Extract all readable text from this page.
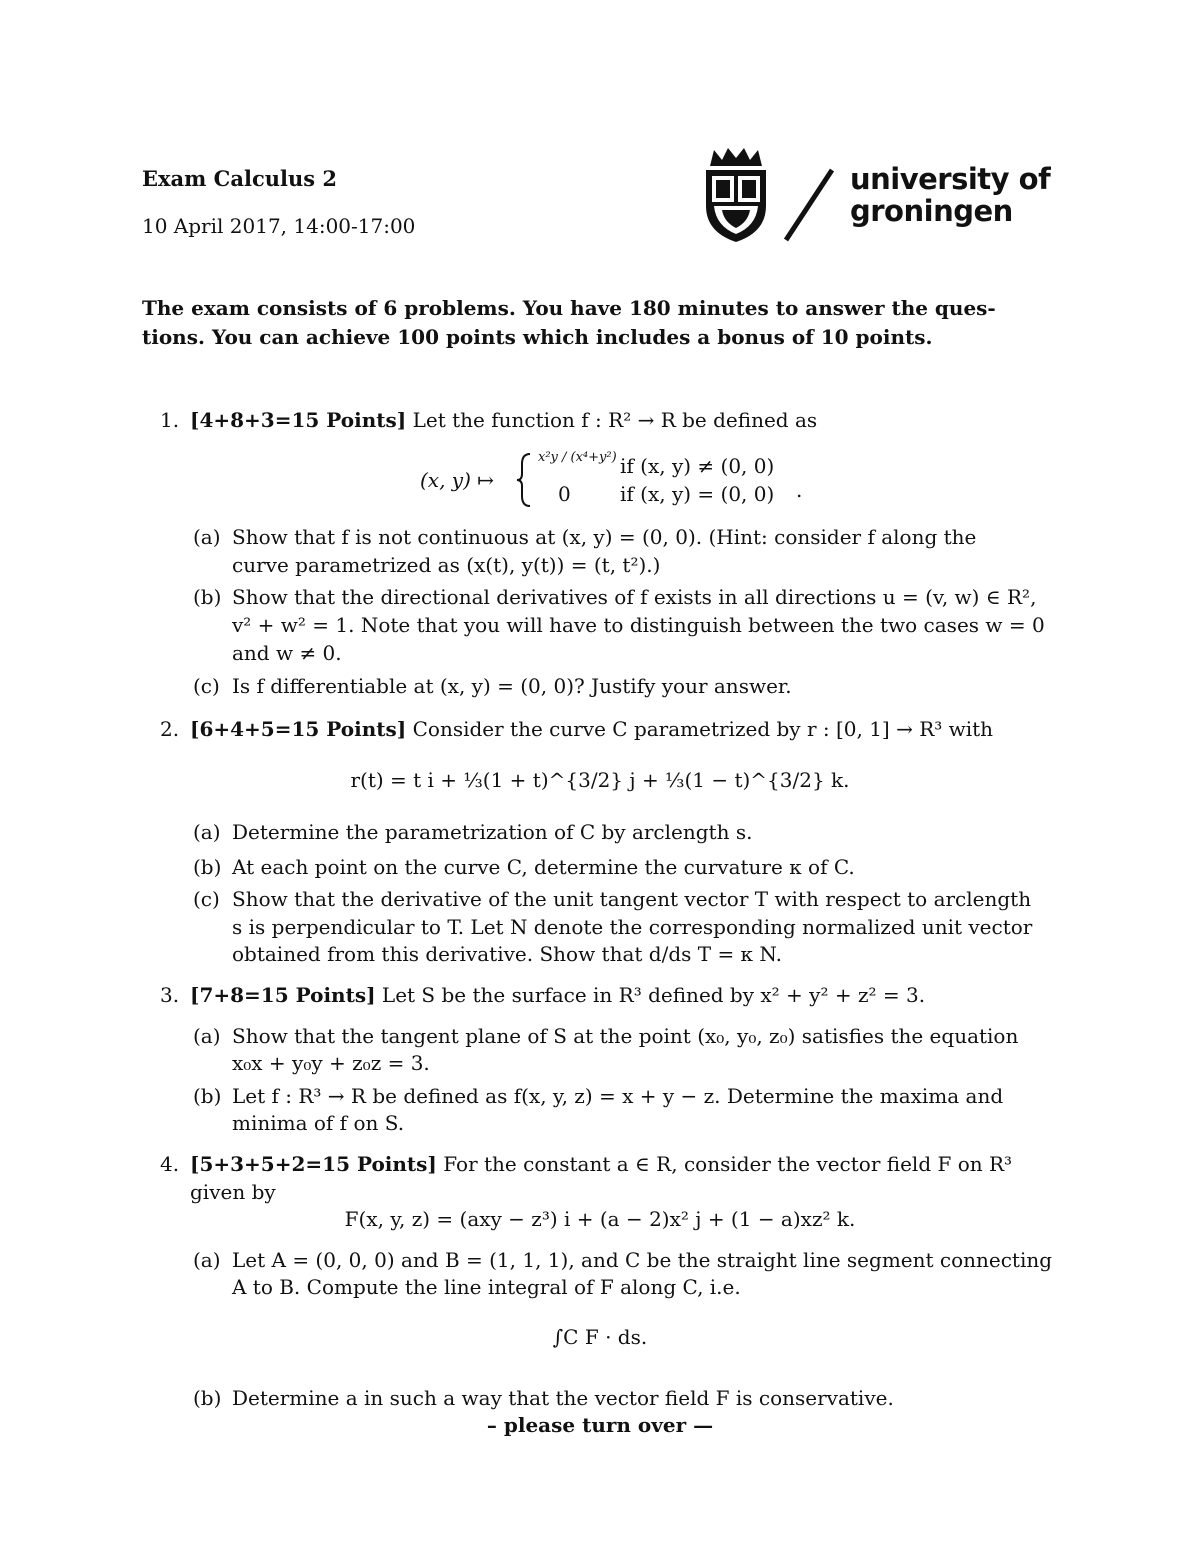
Exam Calculus 2
10 April 2017, 14:00-17:00
university of
groningen
The exam consists of 6 problems. You have 180 minutes to answer the ques- tions. You can achieve 100 points which includes a bonus of 10 points.
1. [4+8+3=15 Points] Let the function f : R² → R be defined as
(x, y) ↦
x²y / (x⁴+y²) if (x, y) ≠ (0, 0)
0 if (x, y) = (0, 0) .
(a) Show that f is not continuous at (x, y) = (0, 0). (Hint: consider f along the
curve parametrized as (x(t), y(t)) = (t, t²).)
(b) Show that the directional derivatives of f exists in all directions u = (v, w) ∈ R²,
v² + w² = 1. Note that you will have to distinguish between the two cases w = 0
and w ≠ 0.
(c) Is f differentiable at (x, y) = (0, 0)? Justify your answer.
2. [6+4+5=15 Points] Consider the curve C parametrized by r : [0, 1] → R³ with
r(t) = t i + ⅓(1 + t)^{3/2} j + ⅓(1 − t)^{3/2} k.
(a) Determine the parametrization of C by arclength s.
(b) At each point on the curve C, determine the curvature κ of C.
(c) Show that the derivative of the unit tangent vector T with respect to arclength
s is perpendicular to T. Let N denote the corresponding normalized unit vector
obtained from this derivative. Show that d/ds T = κ N.
3. [7+8=15 Points] Let S be the surface in R³ defined by x² + y² + z² = 3.
(a) Show that the tangent plane of S at the point (x₀, y₀, z₀) satisfies the equation
x₀x + y₀y + z₀z = 3.
(b) Let f : R³ → R be defined as f(x, y, z) = x + y − z. Determine the maxima and
minima of f on S.
4. [5+3+5+2=15 Points] For the constant a ∈ R, consider the vector field F on R³
given by
F(x, y, z) = (axy − z³) i + (a − 2)x² j + (1 − a)xz² k.
(a) Let A = (0, 0, 0) and B = (1, 1, 1), and C be the straight line segment connecting
A to B. Compute the line integral of F along C, i.e.
∫C F · ds.
(b) Determine a in such a way that the vector field F is conservative.
– please turn over —
